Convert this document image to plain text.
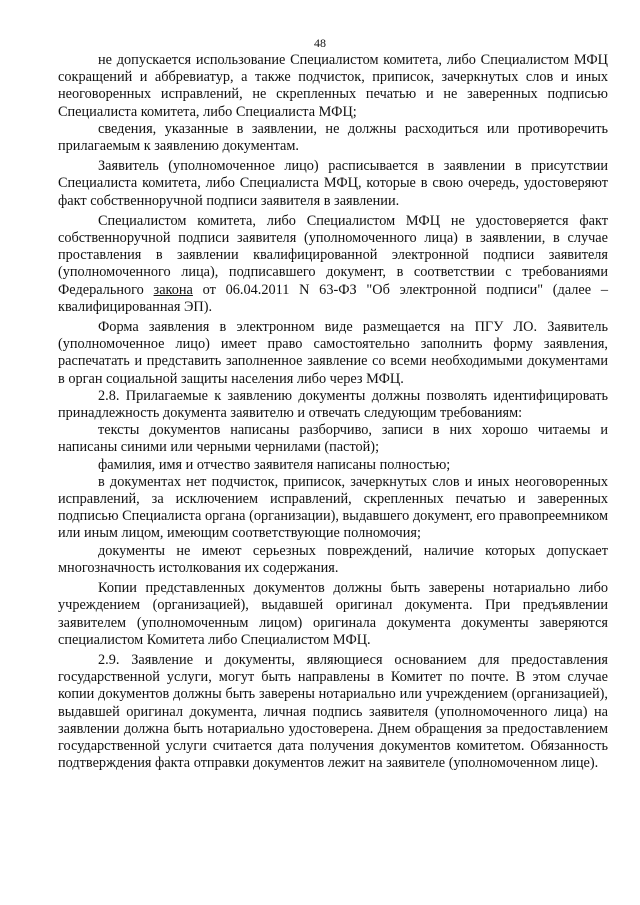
48

не допускается использование Специалистом комитета, либо Специалистом МФЦ сокращений и аббревиатур, а также подчисток, приписок, зачеркнутых слов и иных неоговоренных исправлений, не скрепленных печатью и не заверенных подписью Специалиста комитета, либо Специалиста МФЦ;

сведения, указанные в заявлении, не должны расходиться или противоречить прилагаемым к заявлению документам.

Заявитель (уполномоченное лицо) расписывается в заявлении в присутствии Специалиста комитета, либо Специалиста МФЦ, которые в свою очередь, удостоверяют факт собственноручной подписи заявителя в заявлении.

Специалистом комитета, либо Специалистом МФЦ не удостоверяется факт собственноручной подписи заявителя (уполномоченного лица) в заявлении, в случае проставления в заявлении квалифицированной электронной подписи заявителя (уполномоченного лица), подписавшего документ, в соответствии с требованиями Федерального закона от 06.04.2011 N 63-ФЗ "Об электронной подписи" (далее – квалифицированная ЭП).

Форма заявления в электронном виде размещается на ПГУ ЛО. Заявитель (уполномоченное лицо) имеет право самостоятельно заполнить форму заявления, распечатать и представить заполненное заявление со всеми необходимыми документами в орган социальной защиты населения либо через МФЦ.

2.8. Прилагаемые к заявлению документы должны позволять идентифицировать принадлежность документа заявителю и отвечать следующим требованиям:

тексты документов написаны разборчиво, записи в них хорошо читаемы и написаны синими или черными чернилами (пастой);

фамилия, имя и отчество заявителя написаны полностью;

в документах нет подчисток, приписок, зачеркнутых слов и иных неоговоренных исправлений, за исключением исправлений, скрепленных печатью и заверенных подписью Специалиста органа (организации), выдавшего документ, его правопреемником или иным лицом, имеющим соответствующие полномочия;

документы не имеют серьезных повреждений, наличие которых допускает многозначность истолкования их содержания.

Копии представленных документов должны быть заверены нотариально либо учреждением (организацией), выдавшей оригинал документа. При предъявлении заявителем (уполномоченным лицом) оригинала документа документы заверяются специалистом Комитета либо Специалистом МФЦ.

2.9. Заявление и документы, являющиеся основанием для предоставления государственной услуги, могут быть направлены в Комитет по почте. В этом случае копии документов должны быть заверены нотариально или учреждением (организацией), выдавшей оригинал документа, личная подпись заявителя (уполномоченного лица) на заявлении должна быть нотариально удостоверена. Днем обращения за предоставлением государственной услуги считается дата получения документов комитетом. Обязанность подтверждения факта отправки документов лежит на заявителе (уполномоченном лице).
